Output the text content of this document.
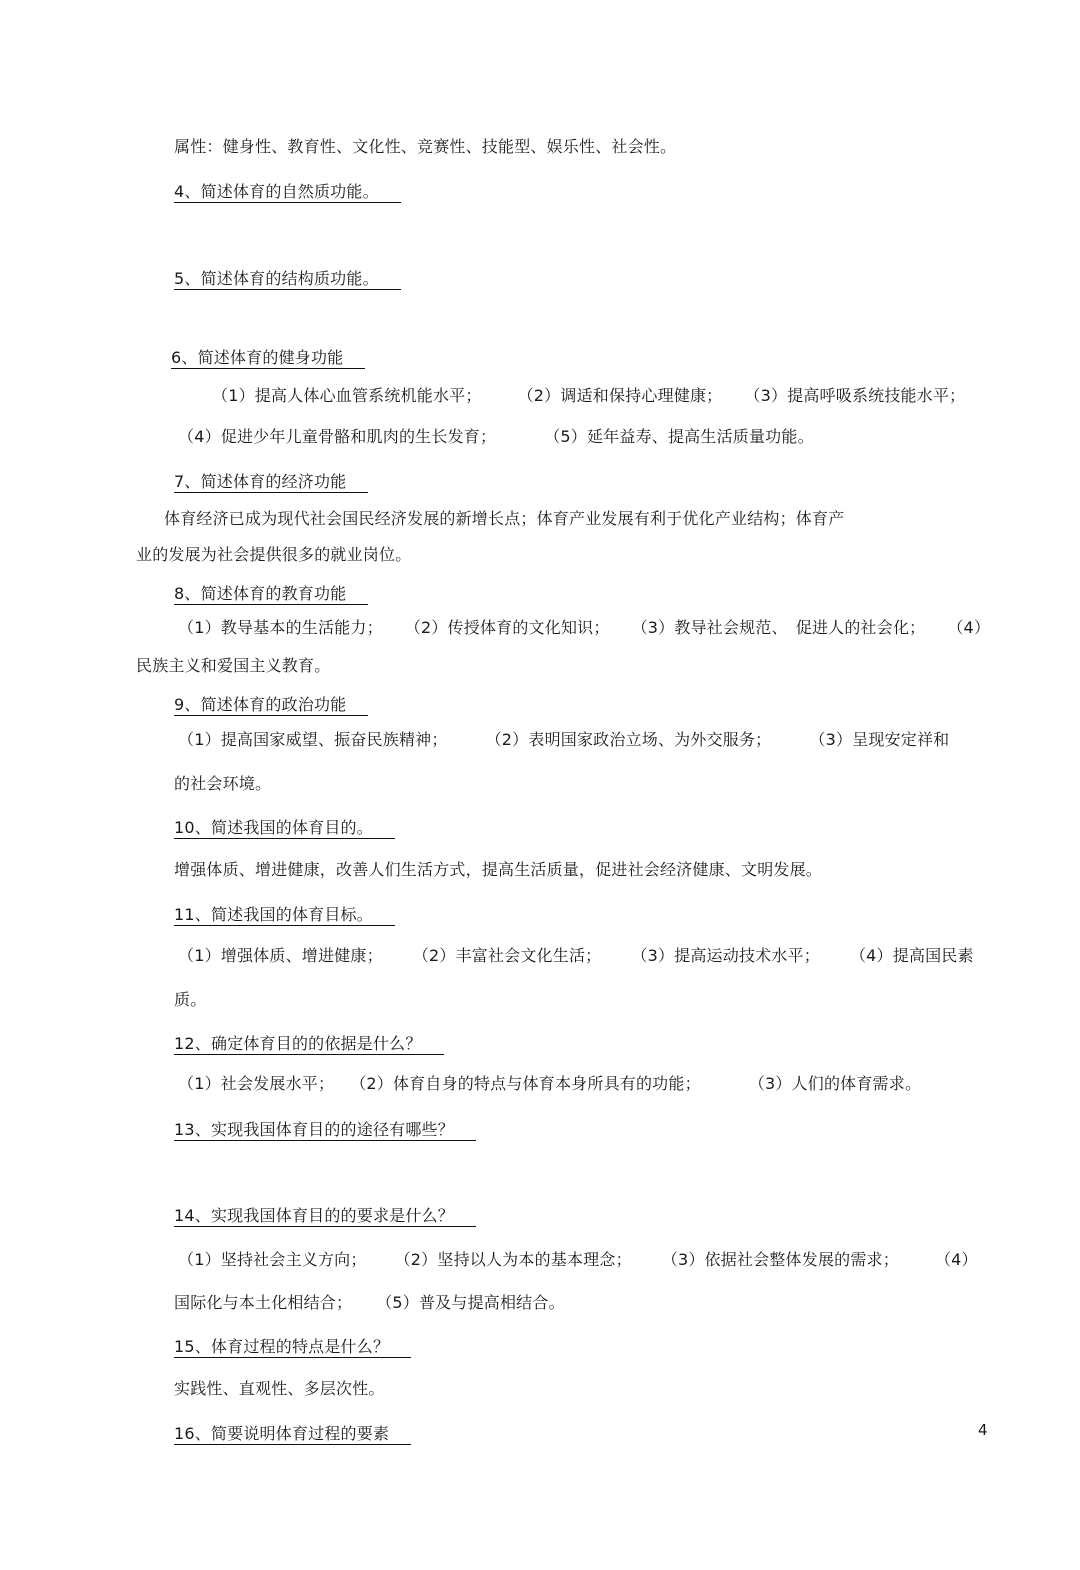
属性：健身性、教育性、文化性、竞赛性、技能型、娱乐性、社会性。
4、简述体育的自然质功能。
5、简述体育的结构质功能。
6、简述体育的健身功能
（1）提高人体心血管系统机能水平； （2）调适和保持心理健康； （3）提高呼吸系统技能水平；
（4）促进少年儿童骨骼和肌肉的生长发育；	（5）延年益寿、提高生活质量功能。
7、简述体育的经济功能
体育经济已成为现代社会国民经济发展的新增长点；体育产业发展有利于优化产业结构；体育产
业的发展为社会提供很多的就业岗位。
8、简述体育的教育功能
（1）教导基本的生活能力； （2）传授体育的文化知识； （3）教导社会规范、 促进人的社会化； （4）
民族主义和爱国主义教育。
9、简述体育的政治功能
（1）提高国家威望、振奋民族精神； （2）表明国家政治立场、为外交服务； （3）呈现安定祥和
的社会环境。
10、简述我国的体育目的。
增强体质、增进健康，改善人们生活方式，提高生活质量，促进社会经济健康、文明发展。
11、简述我国的体育目标。
（1）增强体质、增进健康； （2）丰富社会文化生活； （3）提高运动技术水平； （4）提高国民素
质。
12、确定体育目的的依据是什么？
（1）社会发展水平； （2）体育自身的特点与体育本身所具有的功能；	（3）人们的体育需求。
13、实现我国体育目的的途径有哪些？
14、实现我国体育目的的要求是什么？
（1）坚持社会主义方向； （2）坚持以人为本的基本理念； （3）依据社会整体发展的需求； （4）
国际化与本土化相结合； （5）普及与提高相结合。
15、体育过程的特点是什么？
实践性、直观性、多层次性。
16、简要说明体育过程的要素	4
